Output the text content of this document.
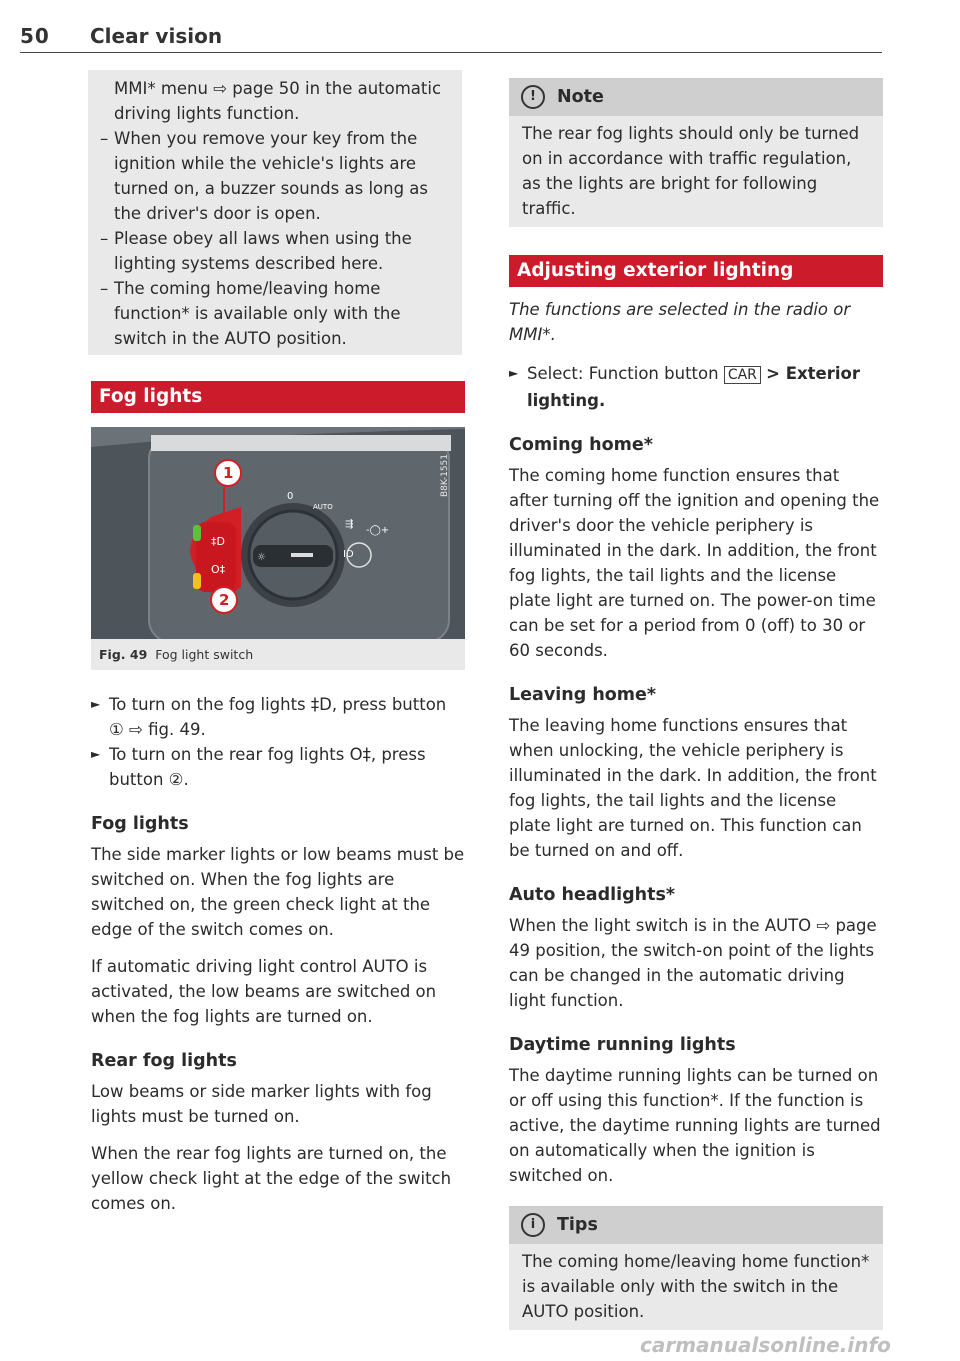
50 Clear vision
MMI* menu ⇨ page 50 in the automatic driving lights function.
– When you remove your key from the ignition while the vehicle's lights are turned on, a buzzer sounds as long as the driver's door is open.
– Please obey all laws when using the lighting systems described here.
– The coming home/leaving home function* is available only with the switch in the AUTO position.
Fog lights
‡D
O‡
☼
0
AUTO
⇶
ID
-◯+
1
2
B8K-1551
Fig. 49 Fog light switch
► To turn on the fog lights ‡D, press button ① ⇨ fig. 49.
► To turn on the rear fog lights O‡, press button ②.
Fog lights
The side marker lights or low beams must be switched on. When the fog lights are switched on, the green check light at the edge of the switch comes on.
If automatic driving light control AUTO is activated, the low beams are switched on when the fog lights are turned on.
Rear fog lights
Low beams or side marker lights with fog lights must be turned on.
When the rear fog lights are turned on, the yellow check light at the edge of the switch comes on.
! Note
The rear fog lights should only be turned on in accordance with traffic regulation, as the lights are bright for following traffic.
Adjusting exterior lighting
The functions are selected in the radio or MMI*.
► Select: Function button CAR > Exterior lighting.
Coming home*
The coming home function ensures that after turning off the ignition and opening the driver's door the vehicle periphery is illuminated in the dark. In addition, the front fog lights, the tail lights and the license plate light are turned on. The power-on time can be set for a period from 0 (off) to 30 or 60 seconds.
Leaving home*
The leaving home functions ensures that when unlocking, the vehicle periphery is illuminated in the dark. In addition, the front fog lights, the tail lights and the license plate light are turned on. This function can be turned on and off.
Auto headlights*
When the light switch is in the AUTO ⇨ page 49 position, the switch-on point of the lights can be changed in the automatic driving light function.
Daytime running lights
The daytime running lights can be turned on or off using this function*. If the function is active, the daytime running lights are turned on automatically when the ignition is switched on.
i Tips
The coming home/leaving home function* is available only with the switch in the AUTO position.
carmanualsonline.info
